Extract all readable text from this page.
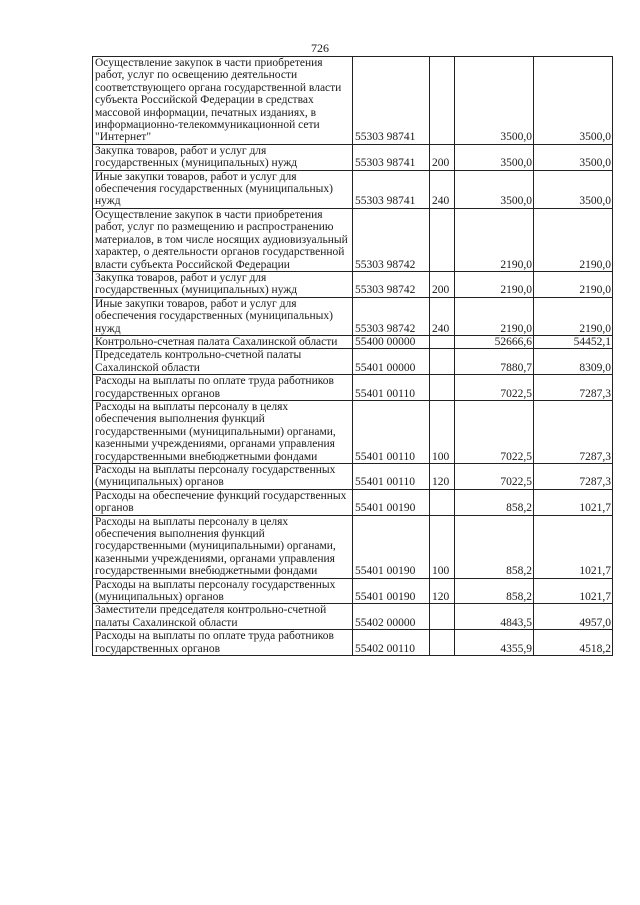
726
Осуществление закупок в части приобретения работ, услуг по освещению деятельности соответствующего органа государственной власти субъекта Российской Федерации в средствах массовой информации, печатных изданиях, в информационно-телекоммуникационной сети "Интернет"	55303 98741		3500,0	3500,0
Закупка товаров, работ и услуг для государственных (муниципальных) нужд	55303 98741	200	3500,0	3500,0
Иные закупки товаров, работ и услуг для обеспечения государственных (муниципальных) нужд	55303 98741	240	3500,0	3500,0
Осуществление закупок в части приобретения работ, услуг по размещению и распространению материалов, в том числе носящих аудиовизуальный характер, о деятельности органов государственной власти субъекта Российской Федерации	55303 98742		2190,0	2190,0
Закупка товаров, работ и услуг для государственных (муниципальных) нужд	55303 98742	200	2190,0	2190,0
Иные закупки товаров, работ и услуг для обеспечения государственных (муниципальных) нужд	55303 98742	240	2190,0	2190,0
Контрольно-счетная палата Сахалинской области	55400 00000		52666,6	54452,1
Председатель контрольно-счетной палаты Сахалинской области	55401 00000		7880,7	8309,0
Расходы на выплаты по оплате труда работников государственных органов	55401 00110		7022,5	7287,3
Расходы на выплаты персоналу в целях обеспечения выполнения функций государственными (муниципальными) органами, казенными учреждениями, органами управления государственными внебюджетными фондами	55401 00110	100	7022,5	7287,3
Расходы на выплаты персоналу государственных (муниципальных) органов	55401 00110	120	7022,5	7287,3
Расходы на обеспечение функций государственных органов	55401 00190		858,2	1021,7
Расходы на выплаты персоналу в целях обеспечения выполнения функций государственными (муниципальными) органами, казенными учреждениями, органами управления государственными внебюджетными фондами	55401 00190	100	858,2	1021,7
Расходы на выплаты персоналу государственных (муниципальных) органов	55401 00190	120	858,2	1021,7
Заместители председателя контрольно-счетной палаты Сахалинской области	55402 00000		4843,5	4957,0
Расходы на выплаты по оплате труда работников государственных органов	55402 00110		4355,9	4518,2
